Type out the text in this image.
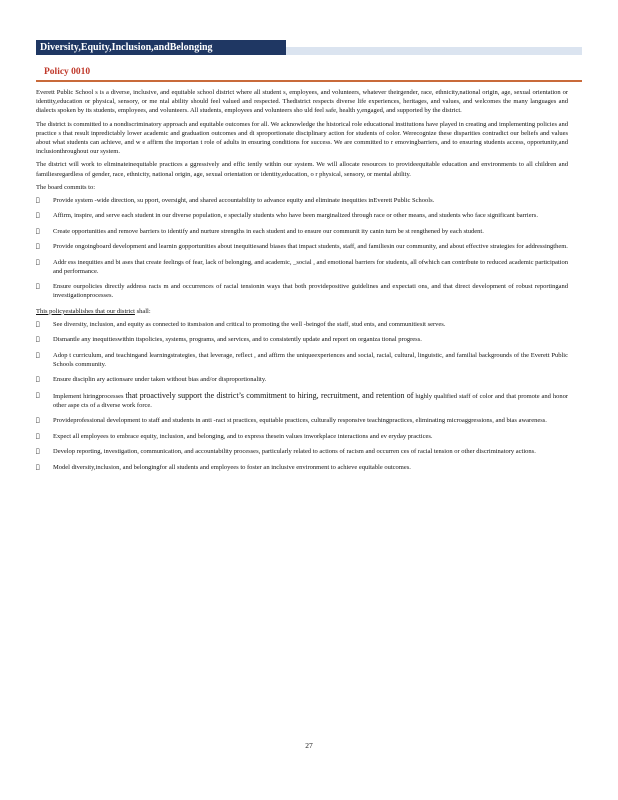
Diversity,Equity,Inclusion,andBelonging
Policy 0010

Everett Public School s is a diverse, inclusive, and equitable school district where all student s, employees, and volunteers, whatever theirgender, race, ethnicity,national origin, age, sexual orientation or identity,education or physical, sensory, or me ntal ability should feel valued and respected. Thedistrict respects diverse life experiences, heritages, and values, and welcomes the many languages and dialects spoken by its students, employees, and volunteers. All students, employees and volunteers sho uld feel safe, health y,engaged, and supported by the district.

The district is committed to a nondiscriminatory approach and equitable outcomes for all. We acknowledge the historical role educational institutions have played in creating and implementing policies and practice s that result inpredictably lower academic and graduation outcomes and di sproportionate disciplinary action for students of color. Werecognize these disparities contradict our beliefs and values about what students can achieve, and w e affirm the importan t role of adults in ensuring conditions for success. We are committed to r emovingbarriers, and to ensuring students access, opportunity,and inclusionthroughout our system.

The district will work to eliminateinequitable practices a ggressively and effic iently within our system. We will allocate resources to provideequitable education and environments to all children and familiesregardless of gender, race, ethnicity, national origin, age, sexual orientation or identity,education, o r physical, sensory, or mental ability.

The board commits to:

Provide system -wide direction, su pport, oversight, and shared accountability to advance equity and eliminate inequities inEverett Public Schools.
Affirm, inspire, and serve each student in our diverse population, e specially students who have been marginalized through race or other means, and students who face significant barriers.
Create opportunities and remove barriers to identify and nurture strengths in each student and to ensure our communit ity canin turn be st rengthened by each student.
Provide ongoingboard development and learnin gopportunities about inequitiesand biases that impact students, staff, and familiesin our community, and about effective strategies for addressingthem.
Addr ess inequities and bi ases that create feelings of fear, lack of belonging, and academic, _social , and emotional barriers for students, all ofwhich can contribute to reduced academic participation and performance.
Ensure ourpolicies directly address racis m and occurrences of racial tensionin ways that both providepositive guidelines and expectati ons, and that direct development of robust reportingand investigationprocesses.

This policyestablishes that our district shall:

See diversity, inclusion, and equity as connected to itsmission and critical to promoting the well -beingof the staff, stud ents, and communitiesit serves.
Dismantle any inequitieswithin itspolicies, systems, programs, and services, and to consistently update and report on organiza tional progress.
Adop t curriculum, and teachingand learningstrategies, that leverage, reflect , and affirm the uniqueexperiences and social, racial, cultural, linguistic, and familial backgrounds of the Everett Public Schools community.
Ensure disciplin ary actionsare under taken without bias and/or disproportionality.
Implement hiringprocesses that proactively support the district’s commitment to hiring, recruitment, and retention of highly qualified staff of color and that promote and honor other aspe cts of a diverse work force.
Provideprofessional development to staff and students in anti -raci st practices, equitable practices, culturally responsive teachingpractices, eliminating microaggressions, and bias awareness.
Expect all employees to embrace equity, inclusion, and belonging, and to express thesein values inworkplace interactions and ev eryday practices.
Develop reporting, investigation, communication, and accountability processes, particularly related to actions of racism and occurren ces of racial tension or other discriminatory actions.
Model diversity,inclusion, and belongingfor all students and employees to foster an inclusive environment to achieve equitable outcomes.
27
